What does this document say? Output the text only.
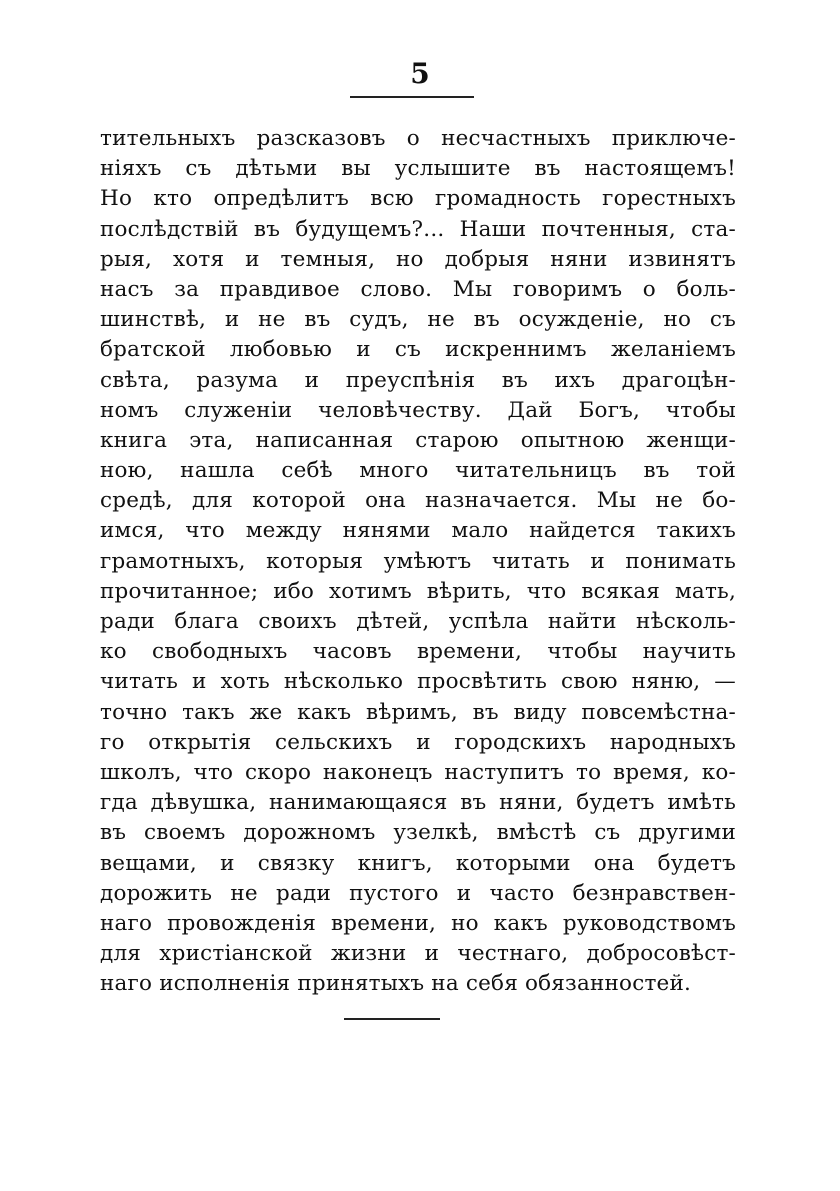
5
тительныхъ разсказовъ о несчастныхъ приключе-
ніяхъ съ дѣтьми вы услышите въ настоящемъ!
Но кто опредѣлитъ всю громадность горестныхъ
послѣдствій въ будущемъ?... Наши почтенныя, ста-
рыя, хотя и темныя, но добрыя няни извинятъ
насъ за правдивое слово. Мы говоримъ о боль-
шинствѣ, и не въ судъ, не въ осужденіе, но съ
братской любовью и съ искреннимъ желаніемъ
свѣта, разума и преуспѣнія въ ихъ драгоцѣн-
номъ служеніи человѣчеству. Дай Богъ, чтобы
книга эта, написанная старою опытною женщи-
ною, нашла себѣ много читательницъ въ той
средѣ, для которой она назначается. Мы не бо-
имся, что между нянями мало найдется такихъ
грамотныхъ, которыя умѣютъ читать и понимать
прочитанное; ибо хотимъ вѣрить, что всякая мать,
ради блага своихъ дѣтей, успѣла найти нѣсколь-
ко свободныхъ часовъ времени, чтобы научить
читать и хоть нѣсколько просвѣтить свою няню, —
точно такъ же какъ вѣримъ, въ виду повсемѣстна-
го открытія сельскихъ и городскихъ народныхъ
школъ, что скоро наконецъ наступитъ то время, ко-
гда дѣвушка, нанимающаяся въ няни, будетъ имѣть
въ своемъ дорожномъ узелкѣ, вмѣстѣ съ другими
вещами, и связку книгъ, которыми она будетъ
дорожить не ради пустого и часто безнравствен-
наго провожденія времени, но какъ руководствомъ
для христіанской жизни и честнаго, добросовѣст-
наго исполненія принятыхъ на себя обязанностей.
